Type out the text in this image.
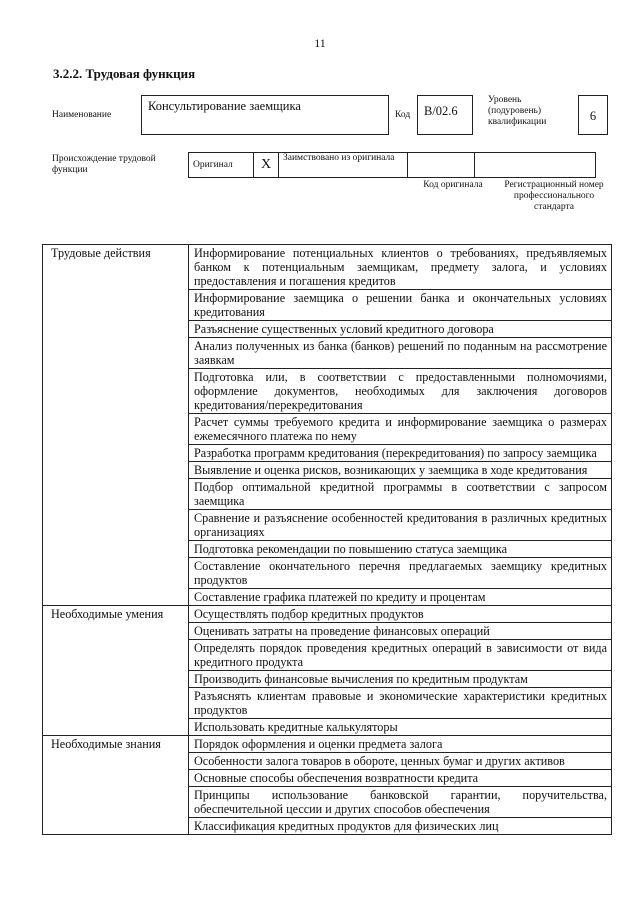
11
3.2.2. Трудовая функция
Наименование
Консультирование заемщика
Код	В/02.6
Уровень (подуровень) квалификации	6
Происхождение трудовой функции
Оригинал	Х	Заимствовано из оригинала		
Код оригинала	Регистрационный номер профессионального стандарта
Трудовые действия	Информирование потенциальных клиентов о требованиях, предъявляемых банком к потенциальным заемщикам, предмету залога, и условиях предоставления и погашения кредитов
	Информирование заемщика о решении банка и окончательных условиях кредитования
	Разъяснение существенных условий кредитного договора
	Анализ полученных из банка (банков) решений по поданным на рассмотрение заявкам
	Подготовка или, в соответствии с предоставленными полномочиями, оформление документов, необходимых для заключения договоров кредитования/перекредитования
	Расчет суммы требуемого кредита и информирование заемщика о размерах ежемесячного платежа по нему
	Разработка программ кредитования (перекредитования) по запросу заемщика
	Выявление и оценка рисков, возникающих у заемщика в ходе кредитования
	Подбор оптимальной кредитной программы в соответствии с запросом заемщика
	Сравнение и разъяснение особенностей кредитования в различных кредитных организациях
	Подготовка рекомендации по повышению статуса заемщика
	Составление окончательного перечня предлагаемых заемщику кредитных продуктов
	Составление графика платежей по кредиту и процентам
Необходимые умения	Осуществлять подбор кредитных продуктов
	Оценивать затраты на проведение финансовых операций
	Определять порядок проведения кредитных операций в зависимости от вида кредитного продукта
	Производить финансовые вычисления по кредитным продуктам
	Разъяснять клиентам правовые и экономические характеристики кредитных продуктов
	Использовать кредитные калькуляторы
Необходимые знания	Порядок оформления и оценки предмета залога
	Особенности залога товаров в обороте, ценных бумаг и других активов
	Основные способы обеспечения возвратности кредита
	Принципы использование банковской гарантии, поручительства, обеспечительной цессии и других способов обеспечения
	Классификация кредитных продуктов для физических лиц
